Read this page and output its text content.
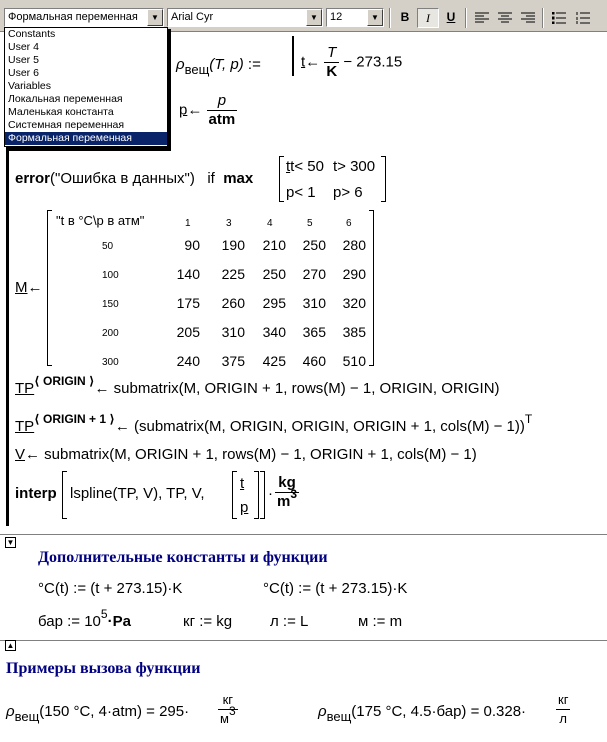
Формальная переменная	▼	Arial Cyr	▼	12	▼	B	I	U
Constants
User 4
User 5
User 6
Variables
Локальная переменная
Маленькая константа
Системная переменная
Формальная переменная
ρвещ(T, p) :=	t← $\frac{T}{K} - 273.15$
p← $\frac{p}{\text{atm}}$
error("Ошибка в данных") if max
tt< 50 t> 300
p< 1 p> 6
M←
"t в °C\p в атм"	1	3	4	5	6
50	90 190 210 250 280
100	140 225 250 270 290
150	175 260 295 310 320
200	205 310 340 365 385
300	240 375 425 460 510
$TP^{⟨ ORIGIN ⟩}\leftarrow$ submatrix(M, ORIGIN + 1, rows(M) − 1, ORIGIN, ORIGIN)
$TP^{⟨ ORIGIN + 1 ⟩}\leftarrow$ (submatrix(M, ORIGIN, ORIGIN, ORIGIN + 1, cols(M) − 1))$^T$
V← submatrix(M, ORIGIN + 1, rows(M) − 1, ORIGIN + 1, cols(M) − 1)
interp lspline(TP, V), TP, V,
t
p
· $\frac{kg}{m^3}$
▼
Дополнительные константы и функции
°C(t) := (t + 273.15)·K	°C(t) := (t + 273.15)·K
бар := $10^5\cdot Pa$	кг := kg	л := L	м := m
▲
Примеры вызова функции
ρвещ(150 °C, $4\cdot atm) = 295\cdot \frac{кг}{м3}$	ρвещ(175 °C, $4.5\cdot бар) = 0.328\cdot \frac{кг}{л}$
